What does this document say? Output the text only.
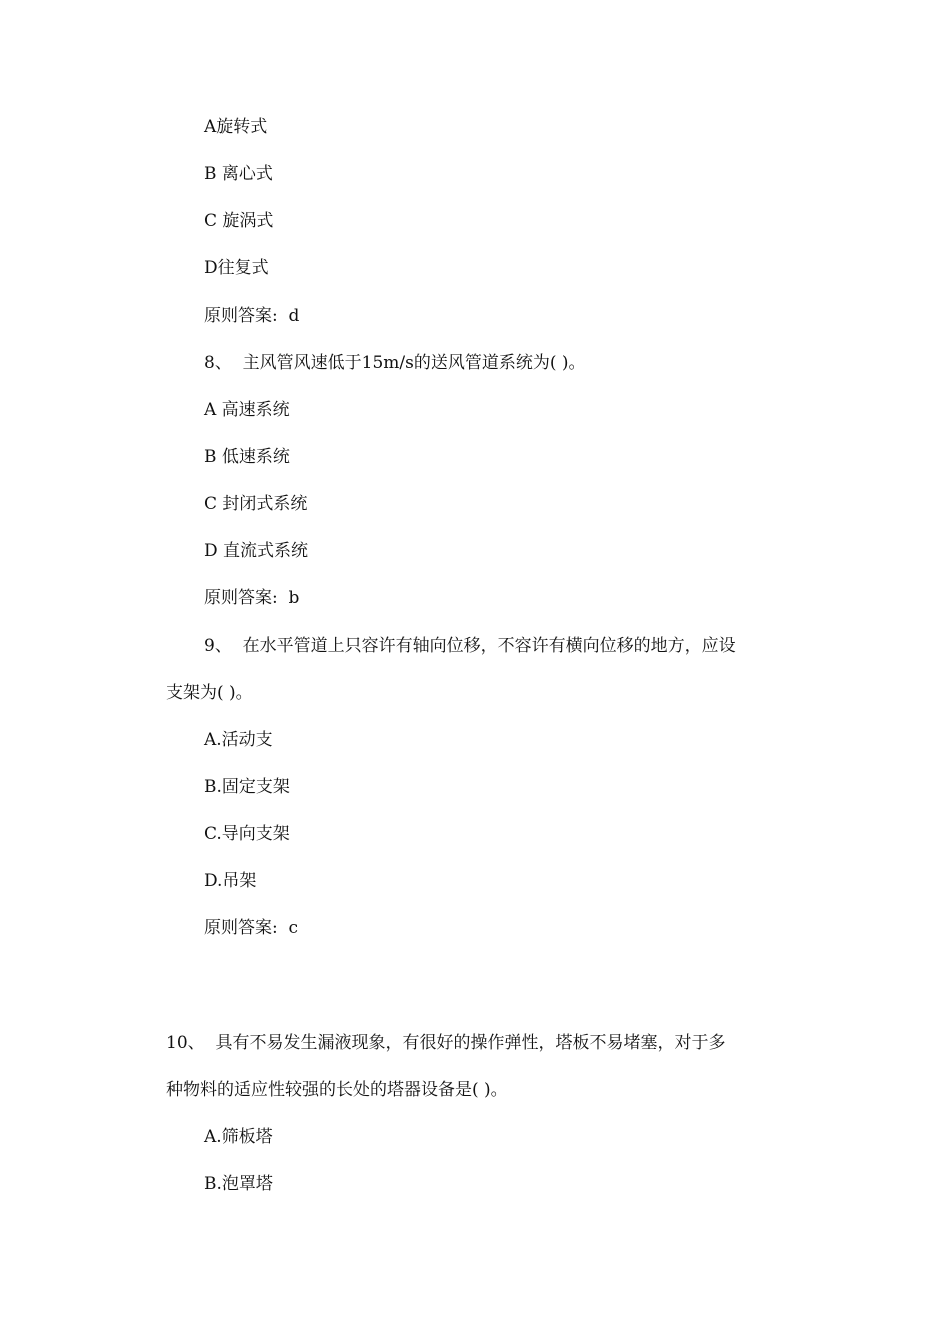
A旋转式
B 离心式
C 旋涡式
D往复式
原则答案:  d
8、  主风管风速低于15m/s的送风管道系统为( )。
A 高速系统
B 低速系统
C 封闭式系统
D 直流式系统
原则答案:  b
9、  在水平管道上只容许有轴向位移，不容许有横向位移的地方，应设
支架为( )。
A.活动支
B.固定支架
C.导向支架
D.吊架
原则答案:  c
10、  具有不易发生漏液现象，有很好的操作弹性，塔板不易堵塞，对于多
种物料的适应性较强的长处的塔器设备是( )。
A.筛板塔
B.泡罩塔
